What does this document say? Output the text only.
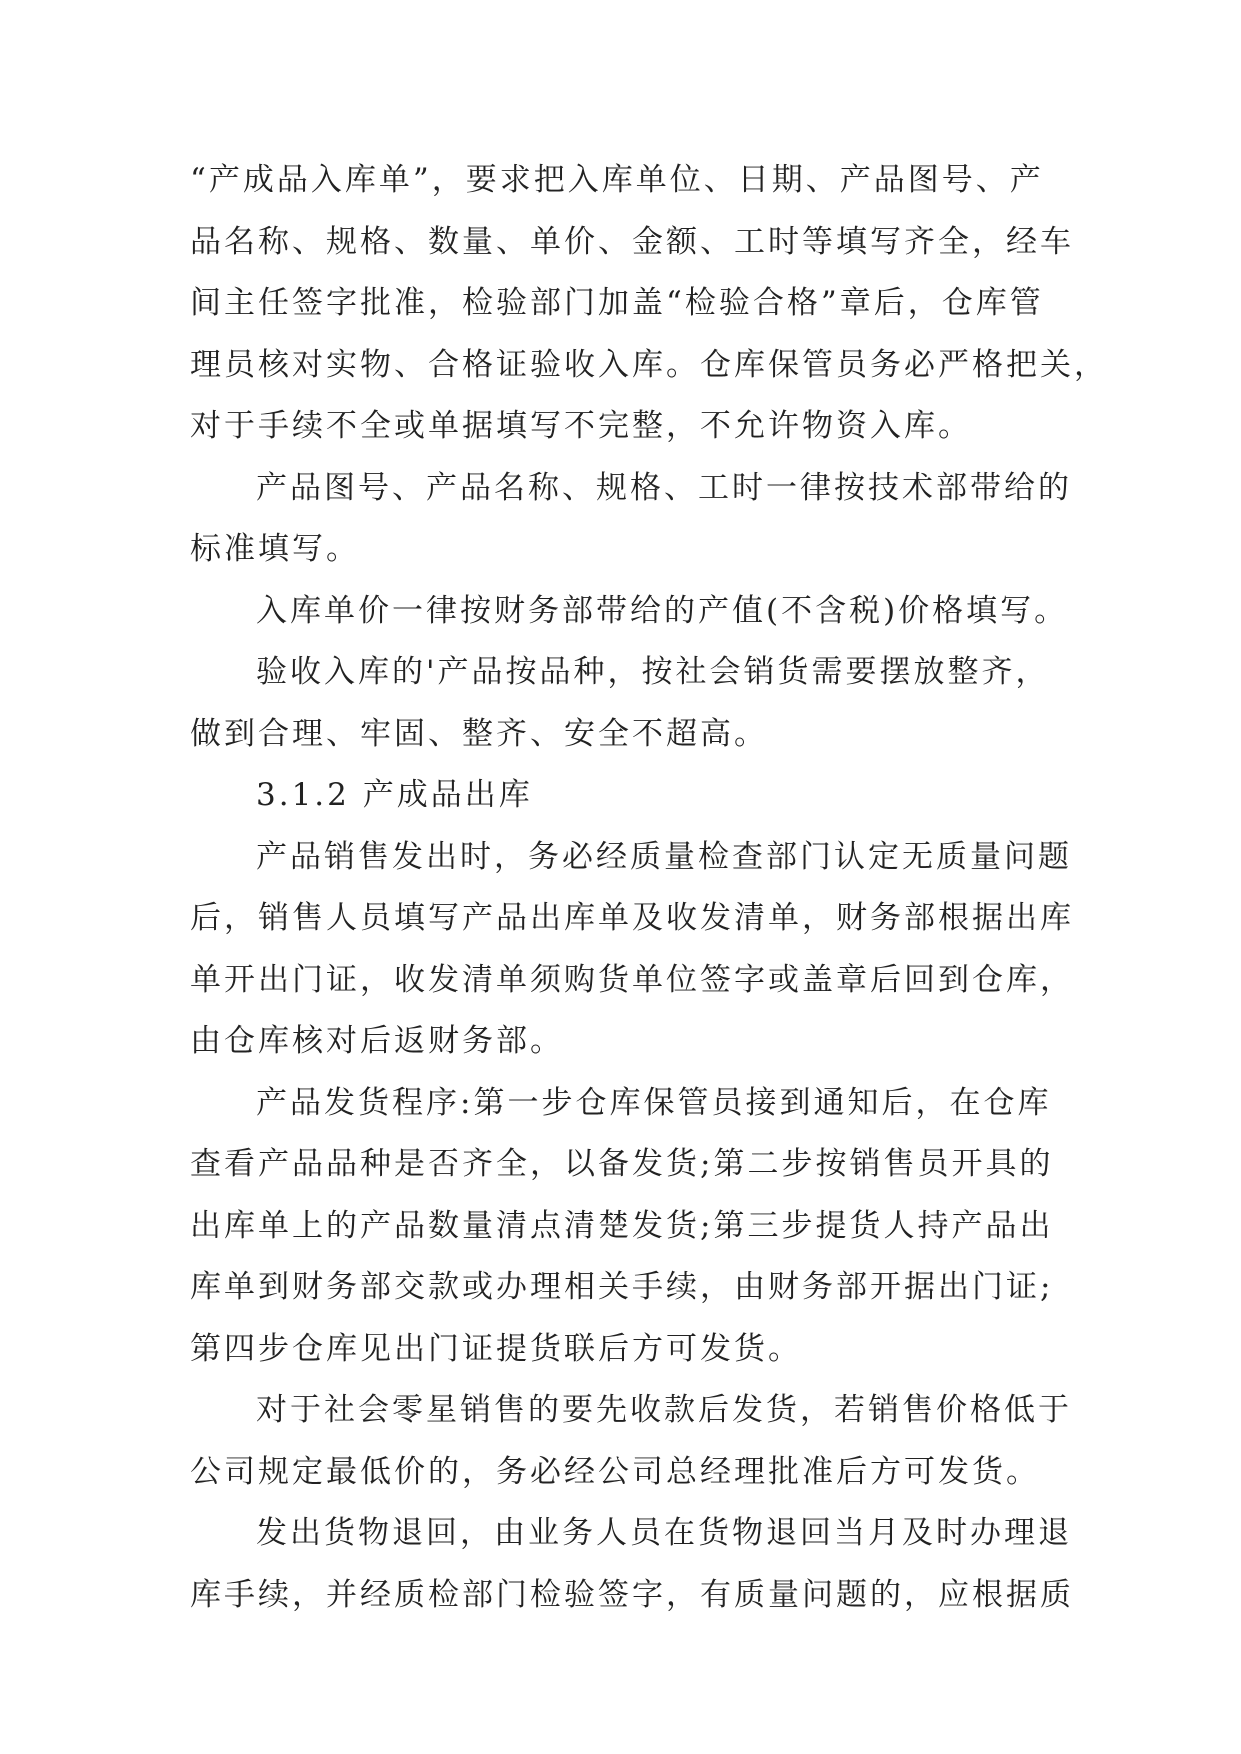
“产成品入库单”，要求把入库单位、日期、产品图号、产
品名称、规格、数量、单价、金额、工时等填写齐全，经车
间主任签字批准，检验部门加盖“检验合格”章后，仓库管
理员核对实物、合格证验收入库。仓库保管员务必严格把关，
对于手续不全或单据填写不完整，不允许物资入库。

产品图号、产品名称、规格、工时一律按技术部带给的
标准填写。

入库单价一律按财务部带给的产值(不含税)价格填写。

验收入库的'产品按品种，按社会销货需要摆放整齐，
做到合理、牢固、整齐、安全不超高。

3.1.2 产成品出库

产品销售发出时，务必经质量检查部门认定无质量问题
后，销售人员填写产品出库单及收发清单，财务部根据出库
单开出门证，收发清单须购货单位签字或盖章后回到仓库，
由仓库核对后返财务部。

产品发货程序:第一步仓库保管员接到通知后，在仓库
查看产品品种是否齐全，以备发货;第二步按销售员开具的
出库单上的产品数量清点清楚发货;第三步提货人持产品出
库单到财务部交款或办理相关手续，由财务部开据出门证;
第四步仓库见出门证提货联后方可发货。

对于社会零星销售的要先收款后发货，若销售价格低于
公司规定最低价的，务必经公司总经理批准后方可发货。

发出货物退回，由业务人员在货物退回当月及时办理退
库手续，并经质检部门检验签字，有质量问题的，应根据质
